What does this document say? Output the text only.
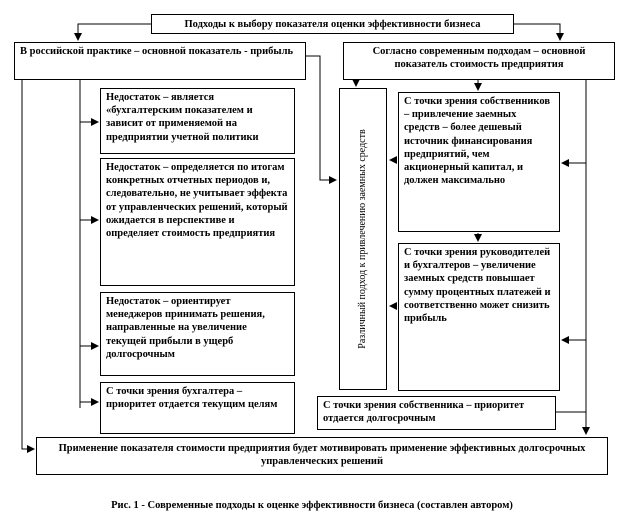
Подходы к выбору показателя оценки эффективности бизнеса
В российской практике – основной показатель - прибыль	Согласно современным подходам – основной показатель стоимость предприятия
Недостаток – является «бухгалтерским показателем и зависит от применяемой на предприятии учетной политики
Недостаток – определяется по итогам конкретных отчетных периодов и, следовательно, не учитывает эффекта от управленческих решений, который ожидается в перспективе и определяет стоимость предприятия
Недостаток – ориентирует менеджеров принимать решения, направленные на увеличение текущей прибыли в ущерб долгосрочным
С точки зрения бухгалтера – приоритет отдается текущим целям
Различный подход к привлечению заемных средств
С точки зрения собственников – привлечение заемных средств – более дешевый источник финансирования предприятий, чем акционерный капитал, и должен максимально
С точки зрения руководителей и бухгалтеров – увеличение заемных средств повышает сумму процентных платежей и соответственно может снизить прибыль
С точки зрения собственника – приоритет отдается долгосрочным
Применение показателя стоимости предприятия будет мотивировать применение эффективных долгосрочных управленческих решений
Рис. 1 - Современные подходы к оценке эффективности бизнеса (составлен автором)
